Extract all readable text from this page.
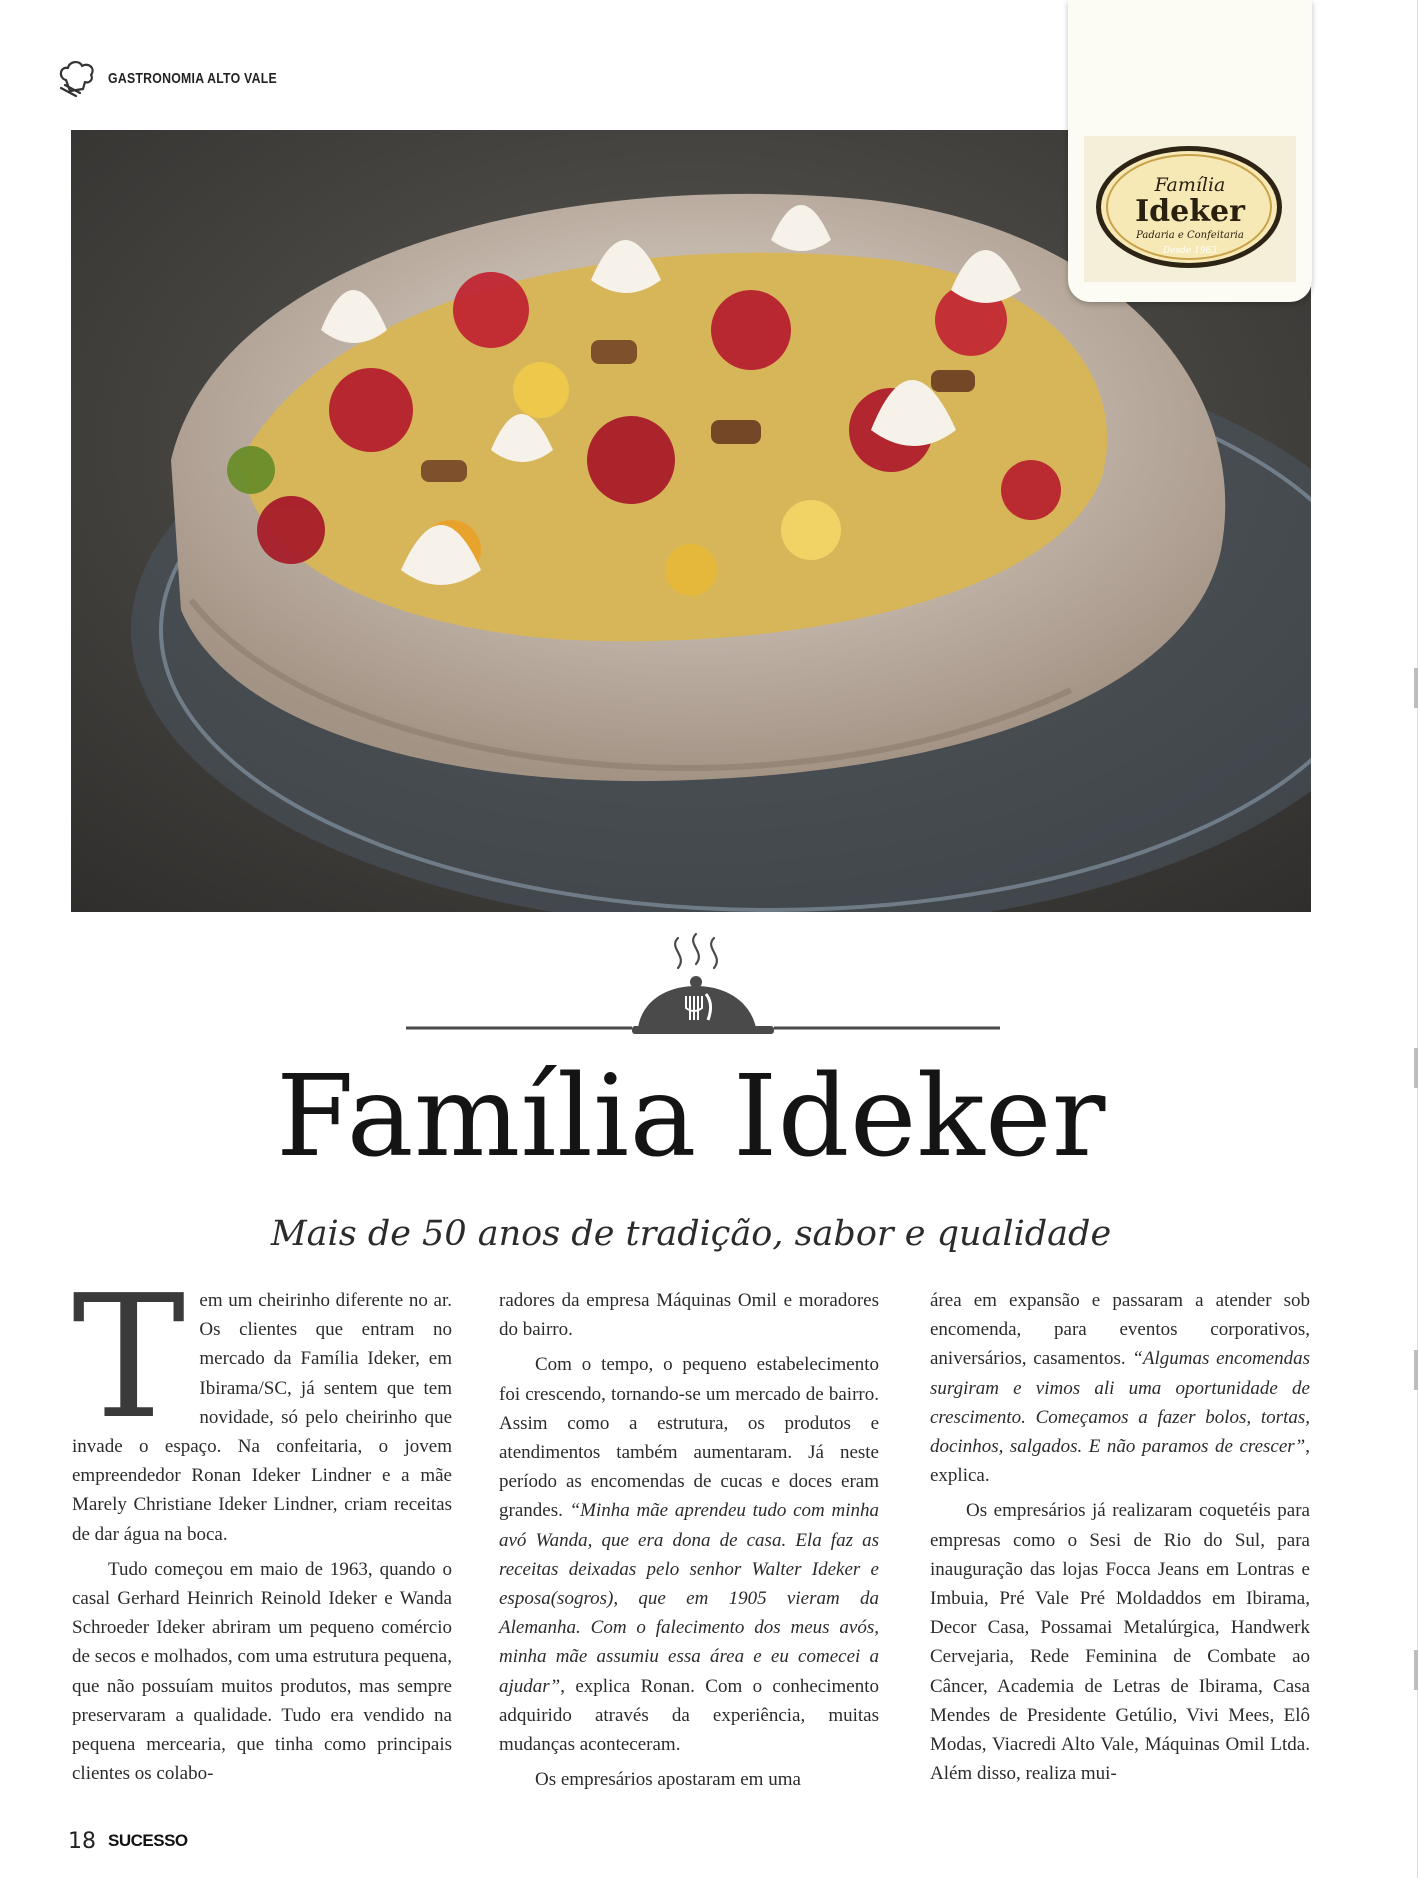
GASTRONOMIA ALTO VALE
Família
Ideker
Padaria e Confeitaria
Desde 1963
Família Ideker
Mais de 50 anos de tradição, sabor e qualidade

Tem um cheirinho diferente no ar. Os clientes que entram no mercado da Família Ideker, em Ibirama/SC, já sentem que tem novidade, só pelo cheirinho que invade o espaço. Na confeitaria, o jovem empreendedor Ronan Ideker Lindner e a mãe Marely Christiane Ideker Lindner, criam receitas de dar água na boca.

Tudo começou em maio de 1963, quando o casal Gerhard Heinrich Reinold Ideker e Wanda Schroeder Ideker abriram um pequeno comércio de secos e molhados, com uma estrutura pequena, que não possuíam muitos produtos, mas sempre preservaram a qualidade. Tudo era vendido na pequena mercearia, que tinha como principais clientes os colabo-

radores da empresa Máquinas Omil e moradores do bairro.

Com o tempo, o pequeno estabelecimento foi crescendo, tornando-se um mercado de bairro. Assim como a estrutura, os produtos e atendimentos também aumentaram. Já neste período as encomendas de cucas e doces eram grandes. “Minha mãe aprendeu tudo com minha avó Wanda, que era dona de casa. Ela faz as receitas deixadas pelo senhor Walter Ideker e esposa(sogros), que em 1905 vieram da Alemanha. Com o falecimento dos meus avós, minha mãe assumiu essa área e eu comecei a ajudar”, explica Ronan. Com o conhecimento adquirido através da experiência, muitas mudanças aconteceram.

Os empresários apostaram em uma

área em expansão e passaram a atender sob encomenda, para eventos corporativos, aniversários, casamentos. “Algumas encomendas surgiram e vimos ali uma oportunidade de crescimento. Começamos a fazer bolos, tortas, docinhos, salgados. E não paramos de crescer”, explica.

Os empresários já realizaram coquetéis para empresas como o Sesi de Rio do Sul, para inauguração das lojas Focca Jeans em Lontras e Imbuia, Pré Vale Pré Moldaddos em Ibirama, Decor Casa, Possamai Metalúrgica, Handwerk Cervejaria, Rede Feminina de Combate ao Câncer, Academia de Letras de Ibirama, Casa Mendes de Presidente Getúlio, Vivi Mees, Elô Modas, Viacredi Alto Vale, Máquinas Omil Ltda. Além disso, realiza mui-

18 SUCESSO
